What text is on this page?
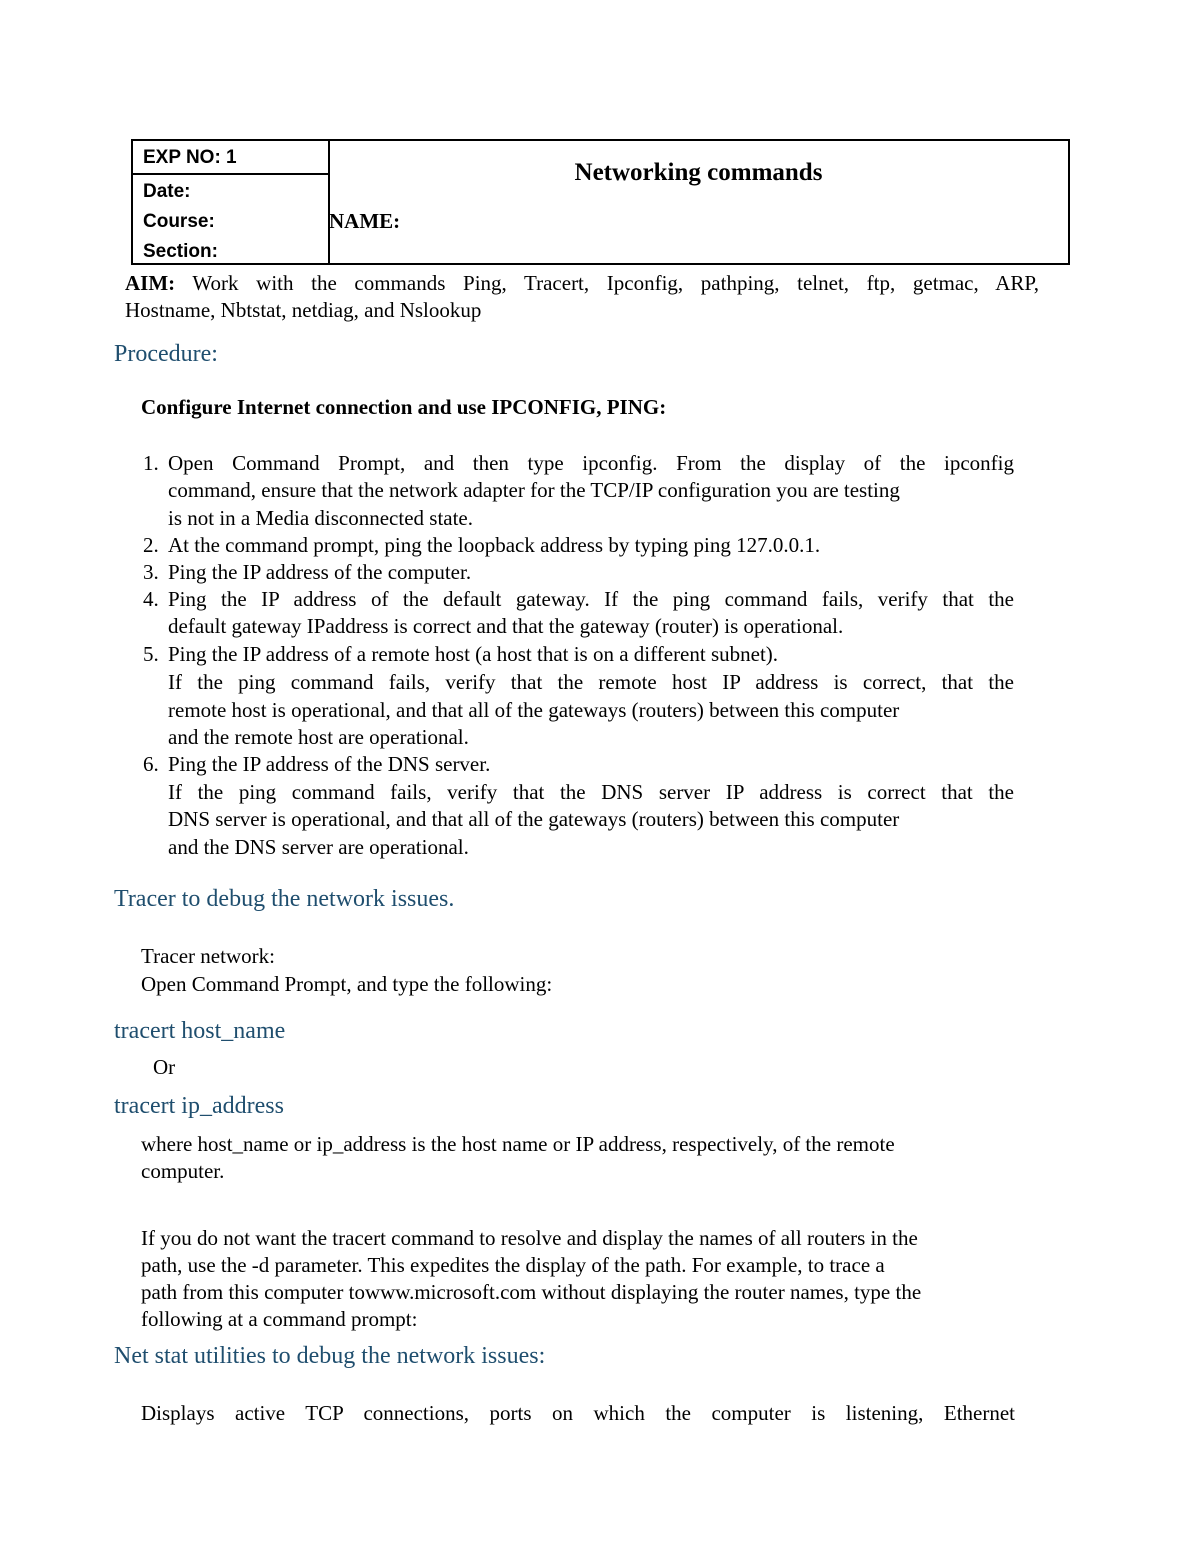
EXP NO: 1
Date:
Course:
Section:
Networking commands
NAME:
AIM: Work with the commands Ping, Tracert, Ipconfig, pathping, telnet, ftp, getmac, ARP,
Hostname, Nbtstat, netdiag, and Nslookup
Procedure:
Configure Internet connection and use IPCONFIG, PING:
1. Open Command Prompt, and then type ipconfig. From the display of the ipconfig
command, ensure that the network adapter for the TCP/IP configuration you are testing
is not in a Media disconnected state.
2. At the command prompt, ping the loopback address by typing ping 127.0.0.1.
3. Ping the IP address of the computer.
4. Ping the IP address of the default gateway. If the ping command fails, verify that the
default gateway IPaddress is correct and that the gateway (router) is operational.
5. Ping the IP address of a remote host (a host that is on a different subnet).
If the ping command fails, verify that the remote host IP address is correct, that the
remote host is operational, and that all of the gateways (routers) between this computer
and the remote host are operational.
6. Ping the IP address of the DNS server.
If the ping command fails, verify that the DNS server IP address is correct that the
DNS server is operational, and that all of the gateways (routers) between this computer
and the DNS server are operational.
Tracer to debug the network issues.
Tracer network:
Open Command Prompt, and type the following:
tracert host_name
Or
tracert ip_address
where host_name or ip_address is the host name or IP address, respectively, of the remote
computer.
If you do not want the tracert command to resolve and display the names of all routers in the
path, use the -d parameter. This expedites the display of the path. For example, to trace a
path from this computer towww.microsoft.com without displaying the router names, type the
following at a command prompt:
Net stat utilities to debug the network issues:
Displays active TCP connections, ports on which the computer is listening, Ethernet
